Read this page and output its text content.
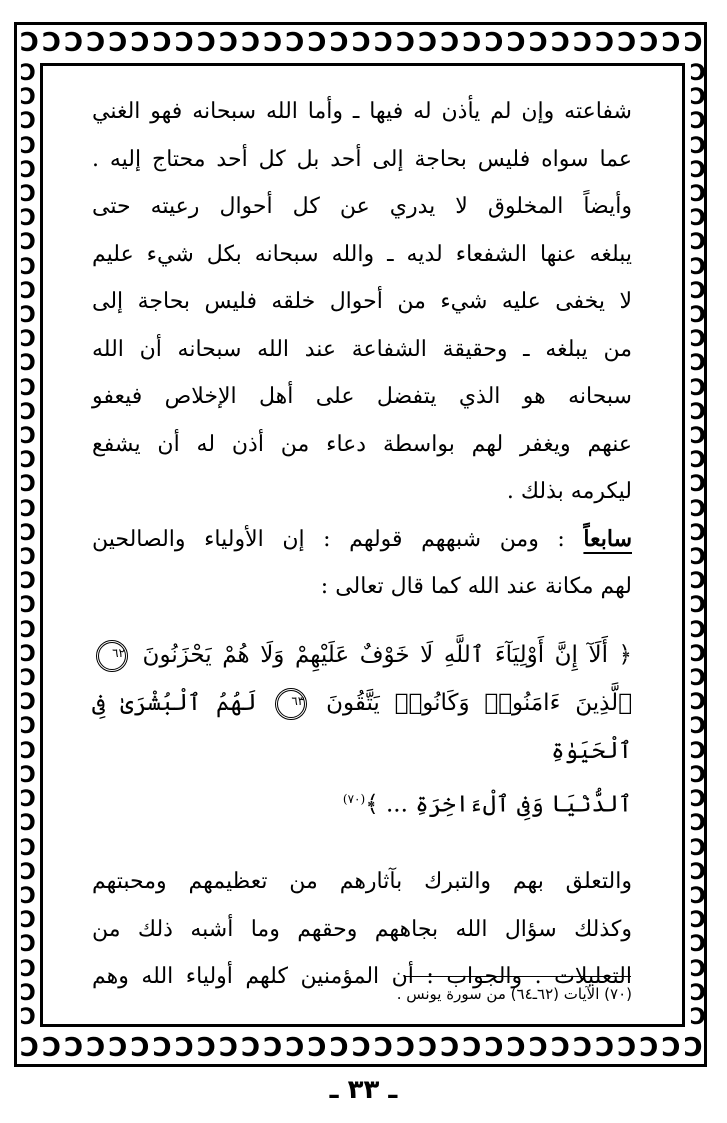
Ɔ Ɔ Ɔ Ɔ Ɔ Ɔ Ɔ Ɔ Ɔ Ɔ Ɔ Ɔ Ɔ Ɔ Ɔ Ɔ Ɔ Ɔ Ɔ Ɔ Ɔ Ɔ Ɔ Ɔ Ɔ Ɔ Ɔ Ɔ Ɔ Ɔ Ɔ
Ɔ Ɔ Ɔ Ɔ Ɔ Ɔ Ɔ Ɔ Ɔ Ɔ Ɔ Ɔ Ɔ Ɔ Ɔ Ɔ Ɔ Ɔ Ɔ Ɔ Ɔ Ɔ Ɔ Ɔ Ɔ Ɔ Ɔ Ɔ Ɔ Ɔ Ɔ
Ɔ
Ɔ
Ɔ
Ɔ
Ɔ
Ɔ
Ɔ
Ɔ
Ɔ
Ɔ
Ɔ
Ɔ
Ɔ
Ɔ
Ɔ
Ɔ
Ɔ
Ɔ
Ɔ
Ɔ
Ɔ
Ɔ
Ɔ
Ɔ
Ɔ
Ɔ
Ɔ
Ɔ
Ɔ
Ɔ
Ɔ
Ɔ
Ɔ
Ɔ
Ɔ
Ɔ
Ɔ
Ɔ
Ɔ
Ɔ
Ɔ
Ɔ
Ɔ
Ɔ
Ɔ
Ɔ
Ɔ
Ɔ
Ɔ
Ɔ
Ɔ
Ɔ
Ɔ
Ɔ
Ɔ
Ɔ
Ɔ
Ɔ
Ɔ
Ɔ
Ɔ
Ɔ
Ɔ
Ɔ
Ɔ
Ɔ
Ɔ
Ɔ
Ɔ
Ɔ
Ɔ
Ɔ
Ɔ
Ɔ
Ɔ
Ɔ
Ɔ
Ɔ
Ɔ
Ɔ

شفاعته وإن لم يأذن له فيها ـ وأما الله سبحانه فهو الغني
عما سواه فليس بحاجة إلى أحد بل كل أحد محتاج إليه .
وأيضاً المخلوق لا يدري عن كل أحوال رعيته حتى
يبلغه عنها الشفعاء لديه ـ والله سبحانه بكل شيء عليم
لا يخفى عليه شيء من أحوال خلقه فليس بحاجة إلى
من يبلغه ـ وحقيقة الشفاعة عند الله سبحانه أن الله
سبحانه هو الذي يتفضل على أهل الإخلاص فيعفو
عنهم ويغفر لهم بواسطة دعاء من أذن له أن يشفع
ليكرمه بذلك .

سابعاً : ومن شبههم قولهم : إن الأولياء والصالحين
لهم مكانة عند الله كما قال تعالى :

﴿ أَلَآ إِنَّ أَوْلِيَآءَ ٱللَّهِ لَا خَوْفٌ عَلَيْهِمْ وَلَا هُمْ يَحْزَنُونَ ٦٢
ٱلَّذِينَ ءَامَنُوا۟ وَكَانُوا۟ يَتَّقُونَ ٦٣ لَهُمُ ٱلْبُشْرَىٰ فِى ٱلْحَيَوٰةِ
ٱلدُّنْيَا وَفِى ٱلْءَاخِرَةِ ... ﴾$^{(٧٠)}$

والتعلق بهم والتبرك بآثارهم من تعظيمهم ومحبتهم
وكذلك سؤال الله بجاههم وحقهم وما أشبه ذلك من
التعليلات . والجواب : أن المؤمنين كلهم أولياء الله وهم

(٧٠) الآيات (٦٢ـ٦٤) من سورة يونس .
ـ ٣٣ ـ
